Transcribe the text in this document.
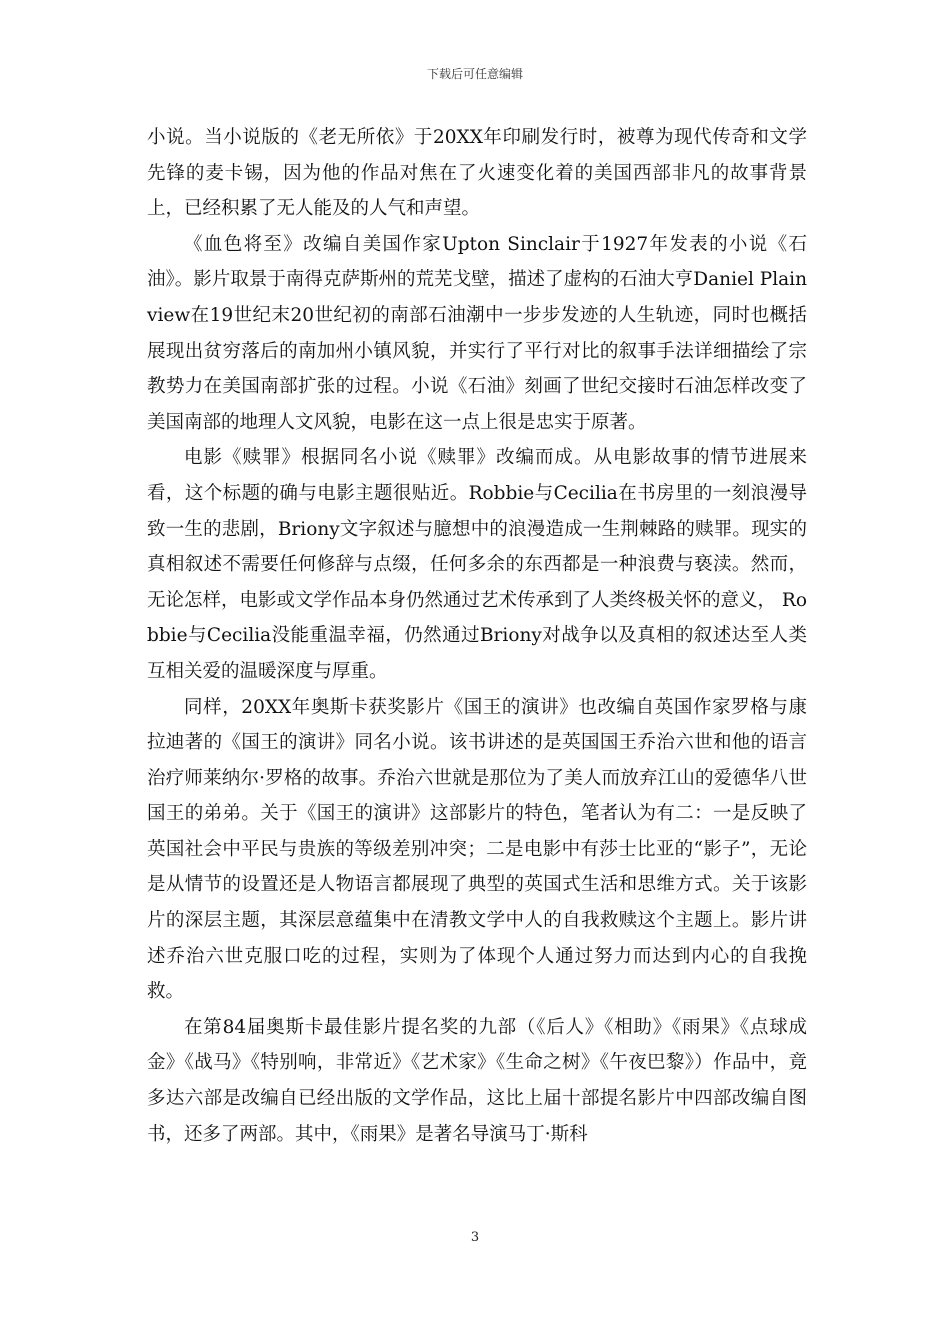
下载后可任意编辑

小说。当小说版的《老无所依》于20XX年印刷发行时，被尊为现代传奇和文学先锋的麦卡锡，因为他的作品对焦在了火速变化着的美国西部非凡的故事背景上，已经积累了无人能及的人气和声望。

《血色将至》改编自美国作家Upton Sinclair于1927年发表的小说《石油》。影片取景于南得克萨斯州的荒芜戈壁，描述了虚构的石油大亨Daniel Plainview在19世纪末20世纪初的南部石油潮中一步步发迹的人生轨迹，同时也概括展现出贫穷落后的南加州小镇风貌，并实行了平行对比的叙事手法详细描绘了宗教势力在美国南部扩张的过程。小说《石油》刻画了世纪交接时石油怎样改变了美国南部的地理人文风貌，电影在这一点上很是忠实于原著。

电影《赎罪》根据同名小说《赎罪》改编而成。从电影故事的情节进展来看，这个标题的确与电影主题很贴近。Robbie与Cecilia在书房里的一刻浪漫导致一生的悲剧，Briony文字叙述与臆想中的浪漫造成一生荆棘路的赎罪。现实的真相叙述不需要任何修辞与点缀，任何多余的东西都是一种浪费与亵渎。然而，无论怎样，电影或文学作品本身仍然通过艺术传承到了人类终极关怀的意义， Robbie与Cecilia没能重温幸福，仍然通过Briony对战争以及真相的叙述达至人类互相关爱的温暖深度与厚重。

同样，20XX年奥斯卡获奖影片《国王的演讲》也改编自英国作家罗格与康拉迪著的《国王的演讲》同名小说。该书讲述的是英国国王乔治六世和他的语言治疗师莱纳尔·罗格的故事。乔治六世就是那位为了美人而放弃江山的爱德华八世国王的弟弟。关于《国王的演讲》这部影片的特色，笔者认为有二：一是反映了英国社会中平民与贵族的等级差别冲突；二是电影中有莎士比亚的“影子”，无论是从情节的设置还是人物语言都展现了典型的英国式生活和思维方式。关于该影片的深层主题，其深层意蕴集中在清教文学中人的自我救赎这个主题上。影片讲述乔治六世克服口吃的过程，实则为了体现个人通过努力而达到内心的自我挽救。

在第84届奥斯卡最佳影片提名奖的九部（《后人》《相助》《雨果》《点球成金》《战马》《特别响，非常近》《艺术家》《生命之树》《午夜巴黎》）作品中，竟多达六部是改编自已经出版的文学作品，这比上届十部提名影片中四部改编自图书，还多了两部。其中，《雨果》是著名导演马丁·斯科

3
